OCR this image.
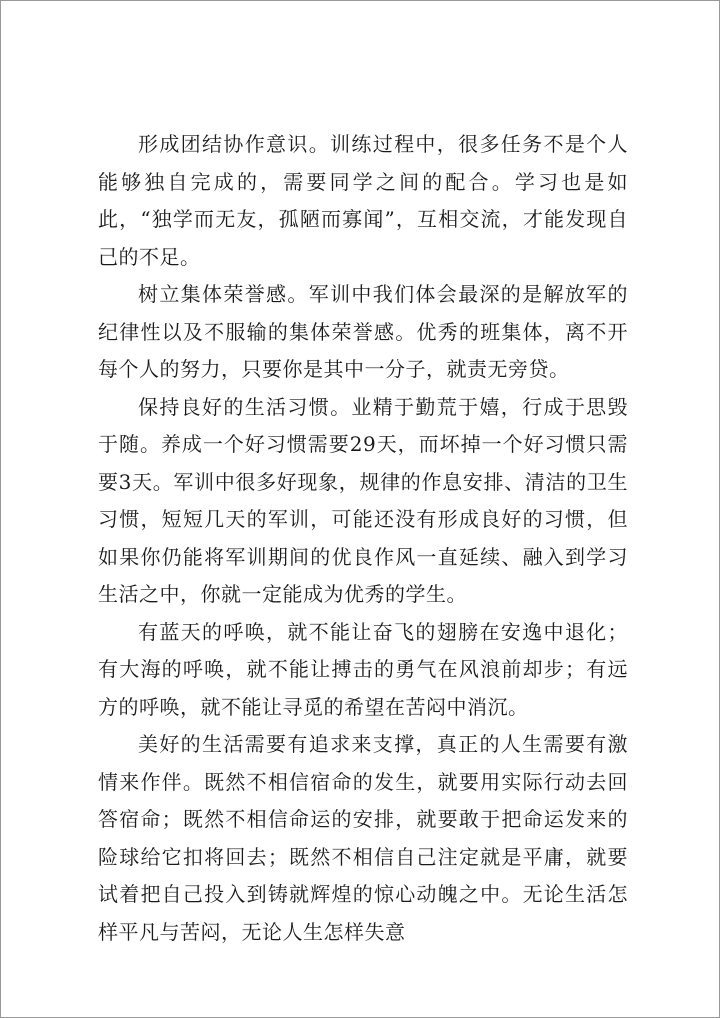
形成团结协作意识。训练过程中，很多任务不是个人能够独自完成的，需要同学之间的配合。学习也是如此，“独学而无友，孤陋而寡闻”，互相交流，才能发现自己的不足。

树立集体荣誉感。军训中我们体会最深的是解放军的纪律性以及不服输的集体荣誉感。优秀的班集体，离不开每个人的努力，只要你是其中一分子，就责无旁贷。

保持良好的生活习惯。业精于勤荒于嬉，行成于思毁于随。养成一个好习惯需要29天，而坏掉一个好习惯只需要3天。军训中很多好现象，规律的作息安排、清洁的卫生习惯，短短几天的军训，可能还没有形成良好的习惯，但如果你仍能将军训期间的优良作风一直延续、融入到学习生活之中，你就一定能成为优秀的学生。

有蓝天的呼唤，就不能让奋飞的翅膀在安逸中退化；有大海的呼唤，就不能让搏击的勇气在风浪前却步；有远方的呼唤，就不能让寻觅的希望在苦闷中消沉。

美好的生活需要有追求来支撑，真正的人生需要有激情来作伴。既然不相信宿命的发生，就要用实际行动去回答宿命；既然不相信命运的安排，就要敢于把命运发来的险球给它扣将回去；既然不相信自己注定就是平庸，就要试着把自己投入到铸就辉煌的惊心动魄之中。无论生活怎样平凡与苦闷，无论人生怎样失意
